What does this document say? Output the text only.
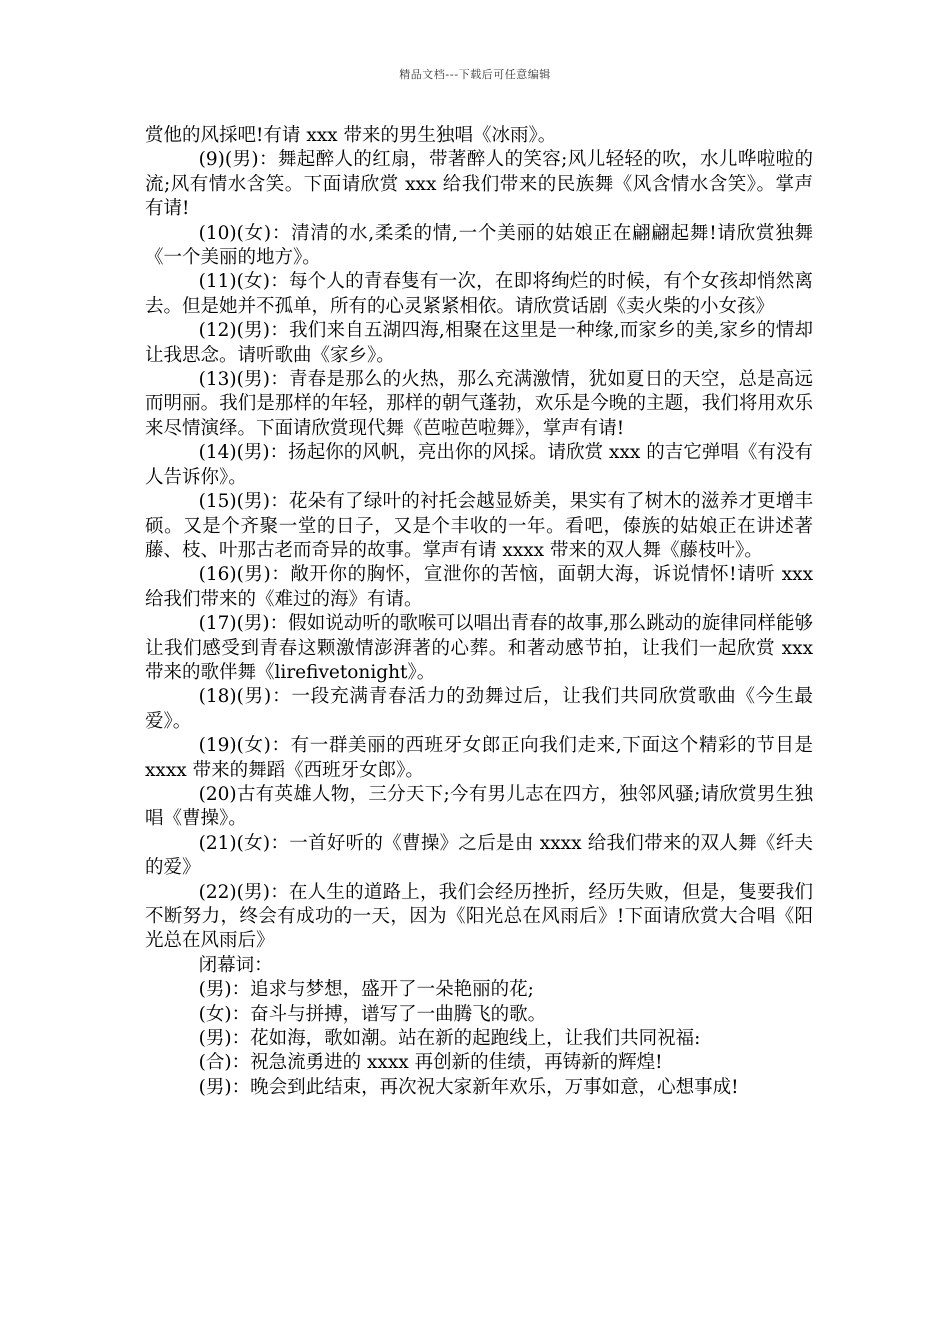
精品文档---下载后可任意编辑

赏他的风採吧!有请 xxx 带来的男生独唱《冰雨》。

(9)(男)：舞起醉人的红扇，带著醉人的笑容;风儿轻轻的吹，水儿哗啦啦的流;风有情水含笑。下面请欣赏 xxx 给我们带来的民族舞《风含情水含笑》。掌声有请!

(10)(女)：清清的水,柔柔的情,一个美丽的姑娘正在翩翩起舞!请欣赏独舞《一个美丽的地方》。

(11)(女)：每个人的青春隻有一次，在即将绚烂的时候，有个女孩却悄然离去。但是她并不孤单，所有的心灵紧紧相依。请欣赏话剧《卖火柴的小女孩》

(12)(男)：我们来自五湖四海,相聚在这里是一种缘,而家乡的美,家乡的情却让我思念。请听歌曲《家乡》。

(13)(男)：青春是那么的火热，那么充满激情，犹如夏日的天空，总是高远而明丽。我们是那样的年轻，那样的朝气蓬勃，欢乐是今晚的主题，我们将用欢乐来尽情演绎。下面请欣赏现代舞《芭啦芭啦舞》，掌声有请!

(14)(男)：扬起你的风帆，亮出你的风採。请欣赏 xxx 的吉它弹唱《有没有人告诉你》。

(15)(男)：花朵有了绿叶的衬托会越显娇美，果实有了树木的滋养才更增丰硕。又是个齐聚一堂的日子，又是个丰收的一年。看吧，傣族的姑娘正在讲述著藤、枝、叶那古老而奇异的故事。掌声有请 xxxx 带来的双人舞《藤枝叶》。

(16)(男)：敞开你的胸怀，宣泄你的苦恼，面朝大海，诉说情怀!请听 xxx 给我们带来的《难过的海》有请。

(17)(男)：假如说动听的歌喉可以唱出青春的故事,那么跳动的旋律同样能够让我们感受到青春这颗激情澎湃著的心葬。和著动感节拍，让我们一起欣赏 xxx 带来的歌伴舞《lirefivetonight》。

(18)(男)：一段充满青春活力的劲舞过后，让我们共同欣赏歌曲《今生最爱》。

(19)(女)：有一群美丽的西班牙女郎正向我们走来,下面这个精彩的节目是 xxxx 带来的舞蹈《西班牙女郎》。

(20)古有英雄人物，三分天下;今有男儿志在四方，独邻风骚;请欣赏男生独唱《曹操》。

(21)(女)：一首好听的《曹操》之后是由 xxxx 给我们带来的双人舞《纤夫的爱》

(22)(男)：在人生的道路上，我们会经历挫折，经历失败，但是，隻要我们不断努力，终会有成功的一天，因为《阳光总在风雨后》!下面请欣赏大合唱《阳光总在风雨后》

闭幕词：

(男)：追求与梦想，盛开了一朵艳丽的花;

(女)：奋斗与拼搏，谱写了一曲腾飞的歌。

(男)：花如海，歌如潮。站在新的起跑线上，让我们共同祝福:

(合)：祝急流勇进的 xxxx 再创新的佳绩，再铸新的辉煌!

(男)：晚会到此结束，再次祝大家新年欢乐，万事如意，心想事成!
